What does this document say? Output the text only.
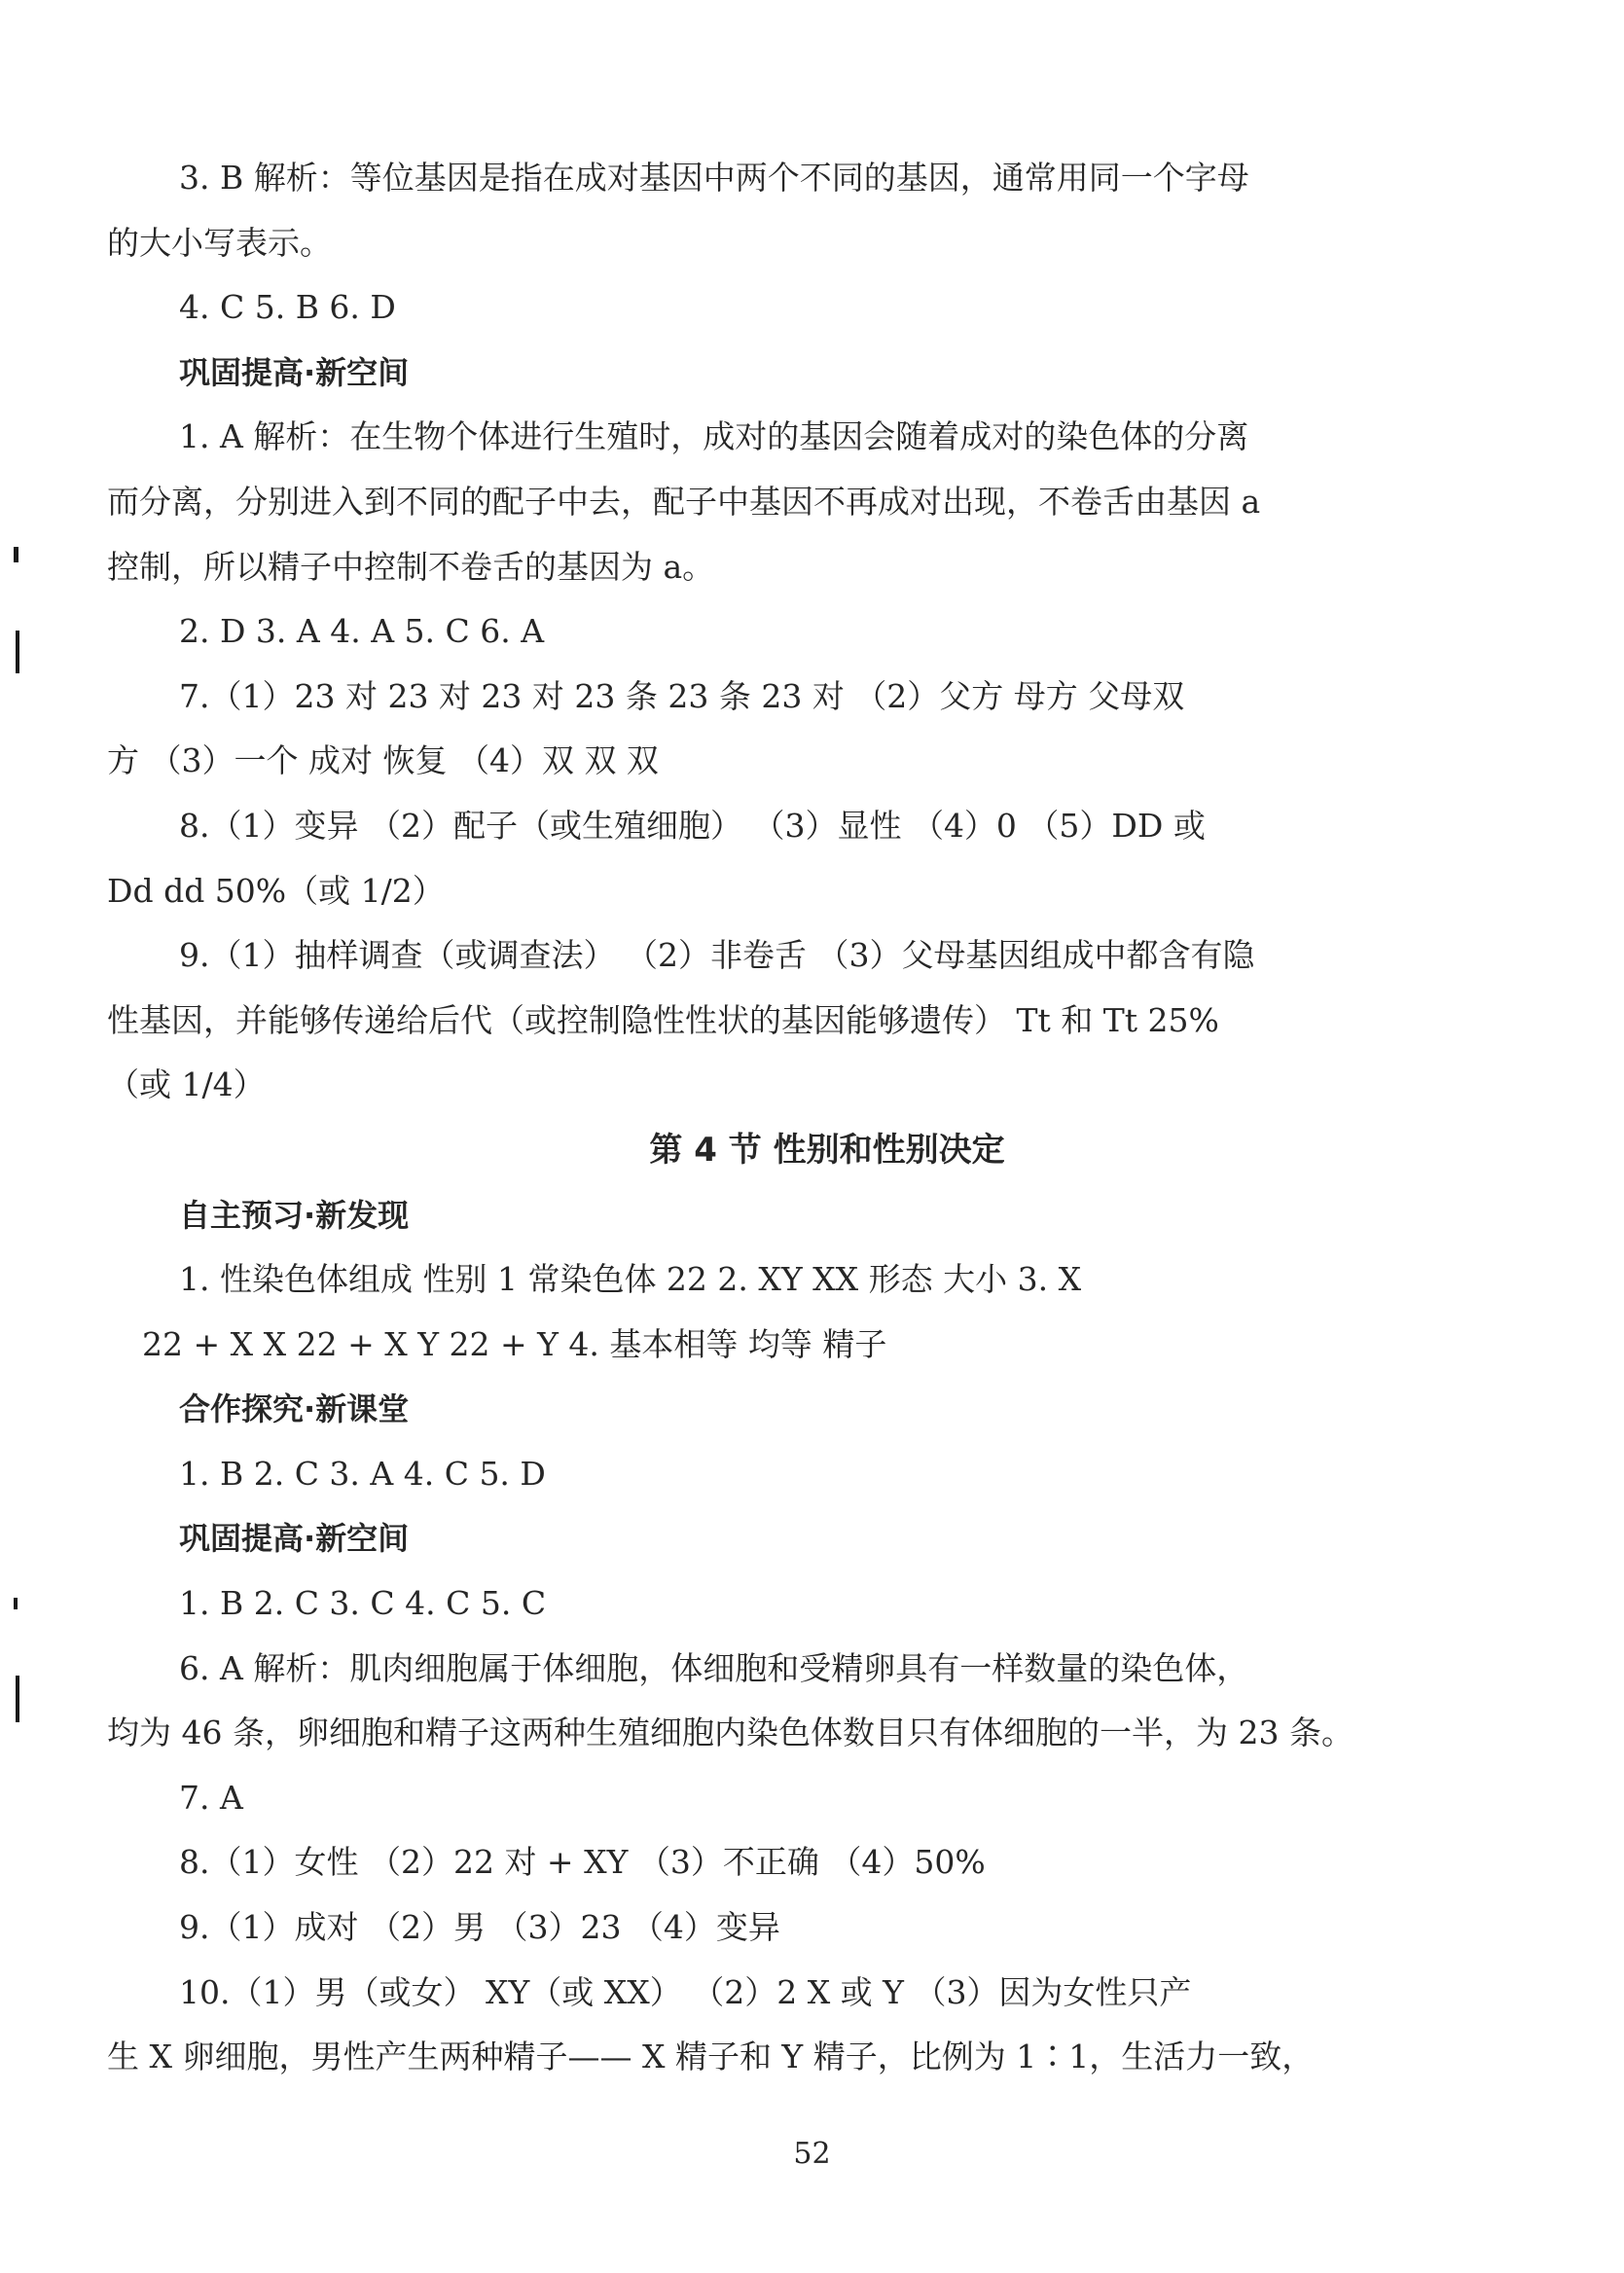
3. B 解析：等位基因是指在成对基因中两个不同的基因，通常用同一个字母
的大小写表示。
4. C 5. B 6. D
巩固提高·新空间
1. A 解析：在生物个体进行生殖时，成对的基因会随着成对的染色体的分离
而分离，分别进入到不同的配子中去，配子中基因不再成对出现，不卷舌由基因 a
控制，所以精子中控制不卷舌的基因为 a。
2. D 3. A 4. A 5. C 6. A
7.（1）23 对 23 对 23 对 23 条 23 条 23 对 （2）父方 母方 父母双
方 （3）一个 成对 恢复 （4）双 双 双
8.（1）变异 （2）配子（或生殖细胞） （3）显性 （4）0 （5）DD 或
Dd dd 50%（或 1/2）
9.（1）抽样调查（或调查法） （2）非卷舌 （3）父母基因组成中都含有隐
性基因，并能够传递给后代（或控制隐性性状的基因能够遗传） Tt 和 Tt 25%
（或 1/4）
第 4 节 性别和性别决定
自主预习·新发现
1. 性染色体组成 性别 1 常染色体 22 2. XY XX 形态 大小 3. X
22 + X X 22 + X Y 22 + Y 4. 基本相等 均等 精子
合作探究·新课堂
1. B 2. C 3. A 4. C 5. D
巩固提高·新空间
1. B 2. C 3. C 4. C 5. C
6. A 解析：肌肉细胞属于体细胞，体细胞和受精卵具有一样数量的染色体，
均为 46 条，卵细胞和精子这两种生殖细胞内染色体数目只有体细胞的一半，为 23 条。
7. A
8.（1）女性 （2）22 对 + XY （3）不正确 （4）50%
9.（1）成对 （2）男 （3）23 （4）变异
10.（1）男（或女） XY（或 XX） （2）2 X 或 Y （3）因为女性只产
生 X 卵细胞，男性产生两种精子—— X 精子和 Y 精子，比例为 1∶1，生活力一致，
52
